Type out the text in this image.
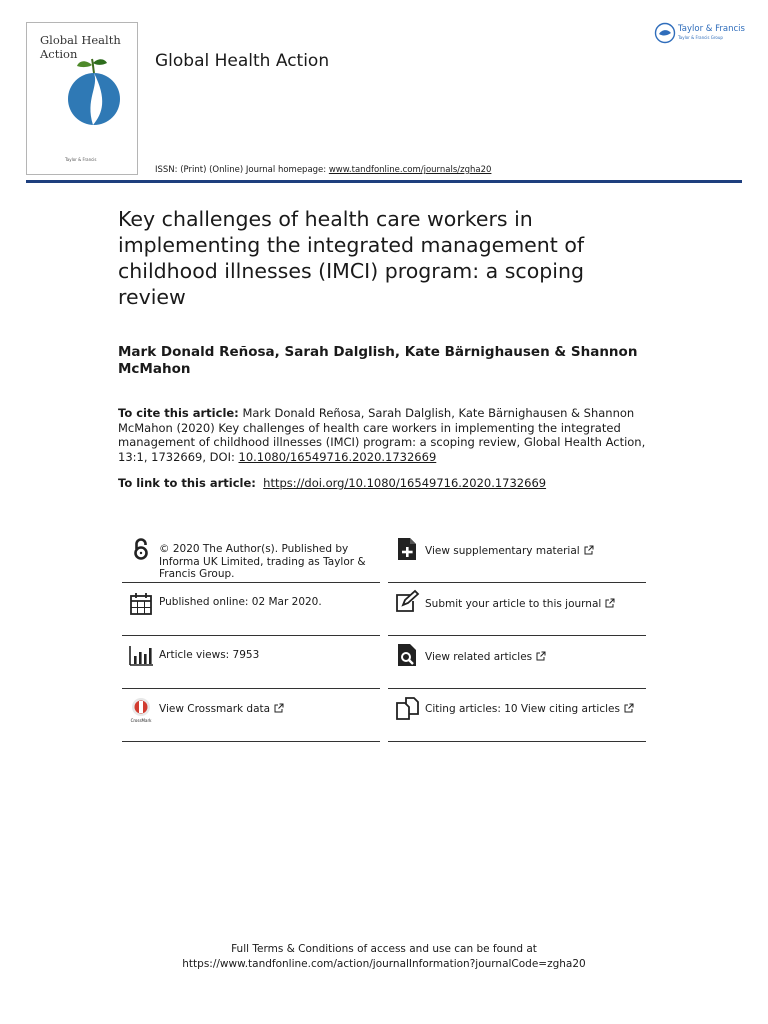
Global Health Action
Taylor & Francis
Global Health Action
Taylor & Francis
Taylor & Francis Group
ISSN: (Print) (Online) Journal homepage: www.tandfonline.com/journals/zgha20
Key challenges of health care workers in implementing the integrated management of childhood illnesses (IMCI) program: a scoping review
Mark Donald Reñosa, Sarah Dalglish, Kate Bärnighausen & Shannon McMahon
To cite this article: Mark Donald Reñosa, Sarah Dalglish, Kate Bärnighausen & Shannon McMahon (2020) Key challenges of health care workers in implementing the integrated management of childhood illnesses (IMCI) program: a scoping review, Global Health Action, 13:1, 1732669, DOI: 10.1080/16549716.2020.1732669
To link to this article: https://doi.org/10.1080/16549716.2020.1732669
© 2020 The Author(s). Published by Informa UK Limited, trading as Taylor & Francis Group.
Published online: 02 Mar 2020.
Article views: 7953
CrossMark
View Crossmark data
View supplementary material
Submit your article to this journal
View related articles
Citing articles: 10 View citing articles
Full Terms & Conditions of access and use can be found at
https://www.tandfonline.com/action/journalInformation?journalCode=zgha20
